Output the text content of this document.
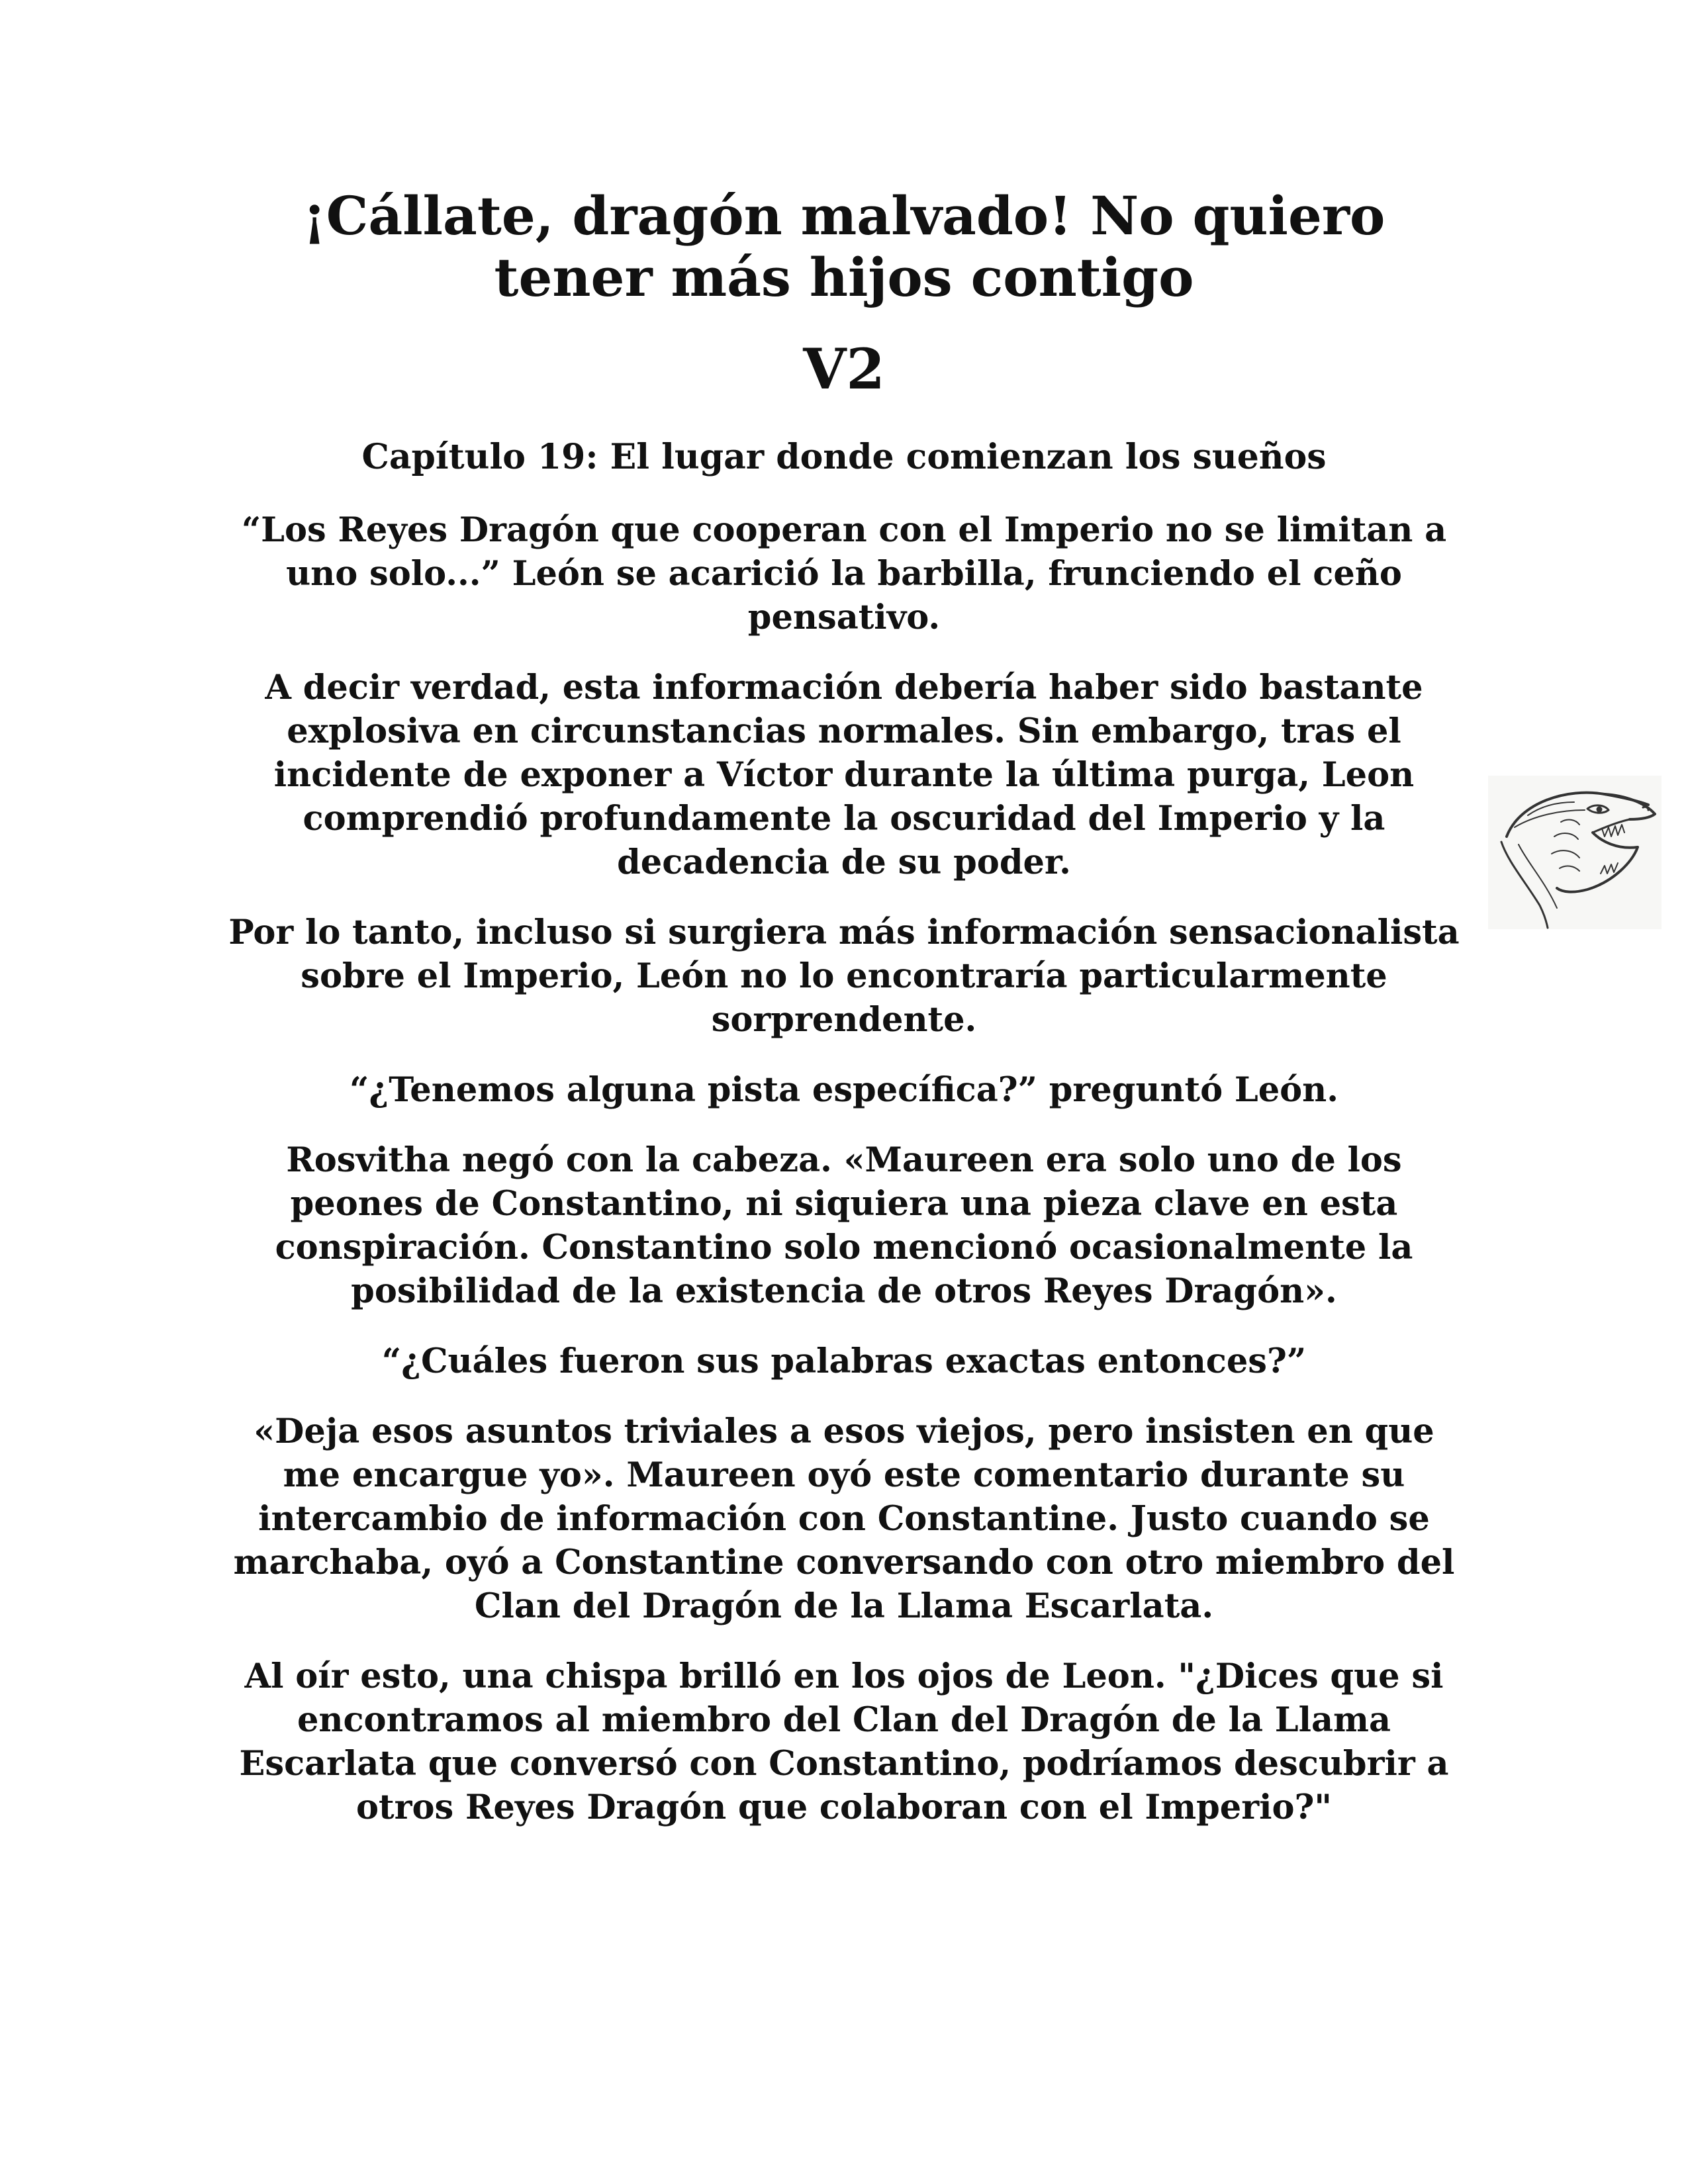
¡Cállate, dragón malvado! No quiero tener más hijos contigo
V2
Capítulo 19: El lugar donde comienzan los sueños

“Los Reyes Dragón que cooperan con el Imperio no se limitan a uno solo...” León se acarició la barbilla, frunciendo el ceño pensativo.

A decir verdad, esta información debería haber sido bastante explosiva en circunstancias normales. Sin embargo, tras el incidente de exponer a Víctor durante la última purga, Leon comprendió profundamente la oscuridad del Imperio y la decadencia de su poder.

Por lo tanto, incluso si surgiera más información sensacionalista sobre el Imperio, León no lo encontraría particularmente sorprendente.

“¿Tenemos alguna pista específica?” preguntó León.

Rosvitha negó con la cabeza. «Maureen era solo uno de los peones de Constantino, ni siquiera una pieza clave en esta conspiración. Constantino solo mencionó ocasionalmente la posibilidad de la existencia de otros Reyes Dragón».

“¿Cuáles fueron sus palabras exactas entonces?”

«Deja esos asuntos triviales a esos viejos, pero insisten en que me encargue yo». Maureen oyó este comentario durante su intercambio de información con Constantine. Justo cuando se marchaba, oyó a Constantine conversando con otro miembro del Clan del Dragón de la Llama Escarlata.

Al oír esto, una chispa brilló en los ojos de Leon. "¿Dices que si encontramos al miembro del Clan del Dragón de la Llama Escarlata que conversó con Constantino, podríamos descubrir a otros Reyes Dragón que colaboran con el Imperio?"
